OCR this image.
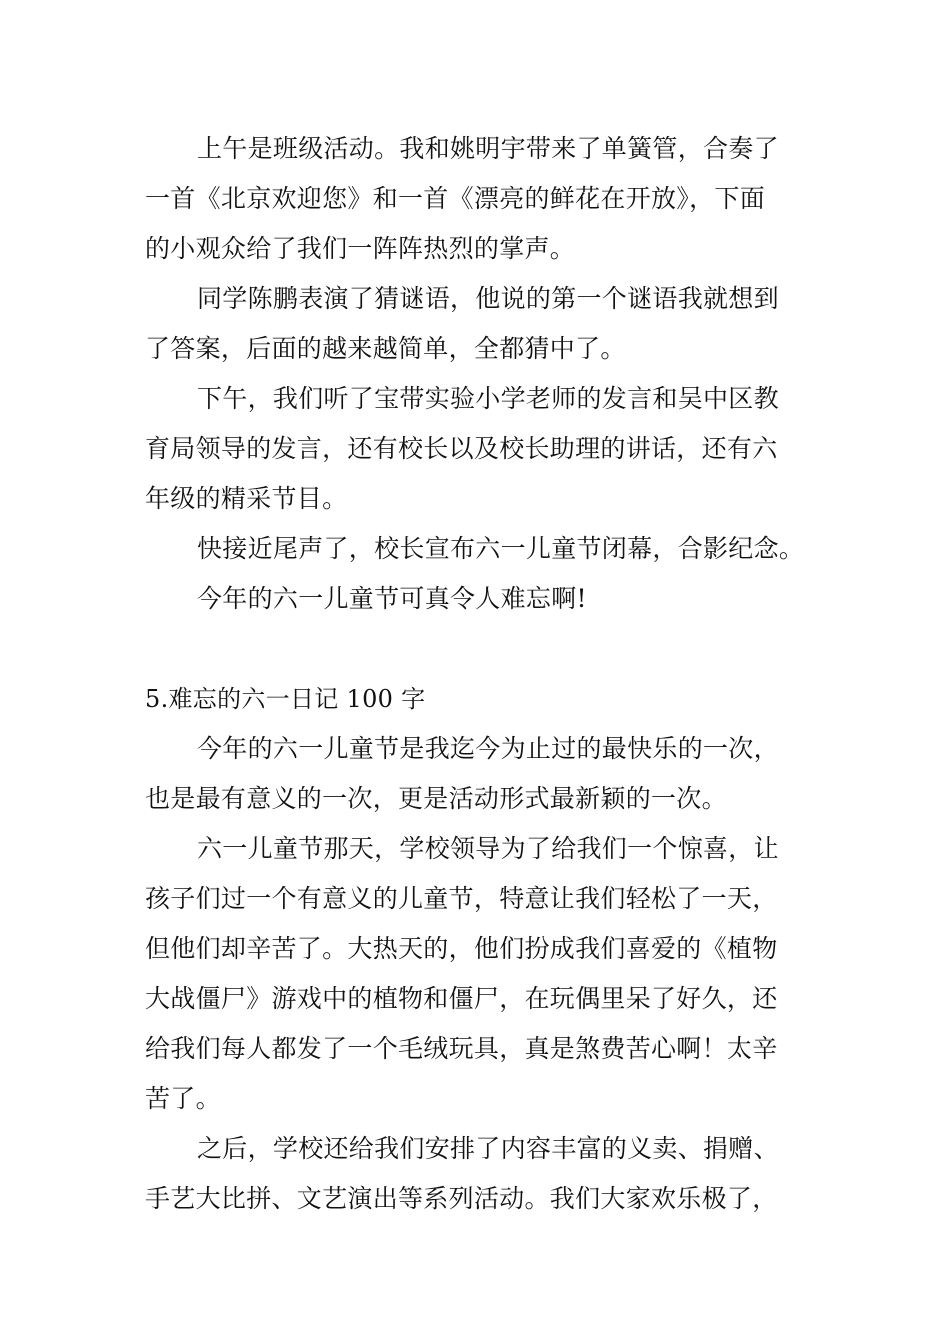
上午是班级活动。我和姚明宇带来了单簧管，合奏了
一首《北京欢迎您》和一首《漂亮的鲜花在开放》，下面
的小观众给了我们一阵阵热烈的掌声。
同学陈鹏表演了猜谜语，他说的第一个谜语我就想到
了答案，后面的越来越简单，全都猜中了。
下午，我们听了宝带实验小学老师的发言和吴中区教
育局领导的发言，还有校长以及校长助理的讲话，还有六
年级的精采节目。
快接近尾声了，校长宣布六一儿童节闭幕，合影纪念。
今年的六一儿童节可真令人难忘啊!
5.难忘的六一日记 100 字
今年的六一儿童节是我迄今为止过的最快乐的一次，
也是最有意义的一次，更是活动形式最新颖的一次。
六一儿童节那天，学校领导为了给我们一个惊喜，让
孩子们过一个有意义的儿童节，特意让我们轻松了一天，
但他们却辛苦了。大热天的，他们扮成我们喜爱的《植物
大战僵尸》游戏中的植物和僵尸，在玩偶里呆了好久，还
给我们每人都发了一个毛绒玩具，真是煞费苦心啊！太辛
苦了。
之后，学校还给我们安排了内容丰富的义卖、捐赠、
手艺大比拼、文艺演出等系列活动。我们大家欢乐极了，
